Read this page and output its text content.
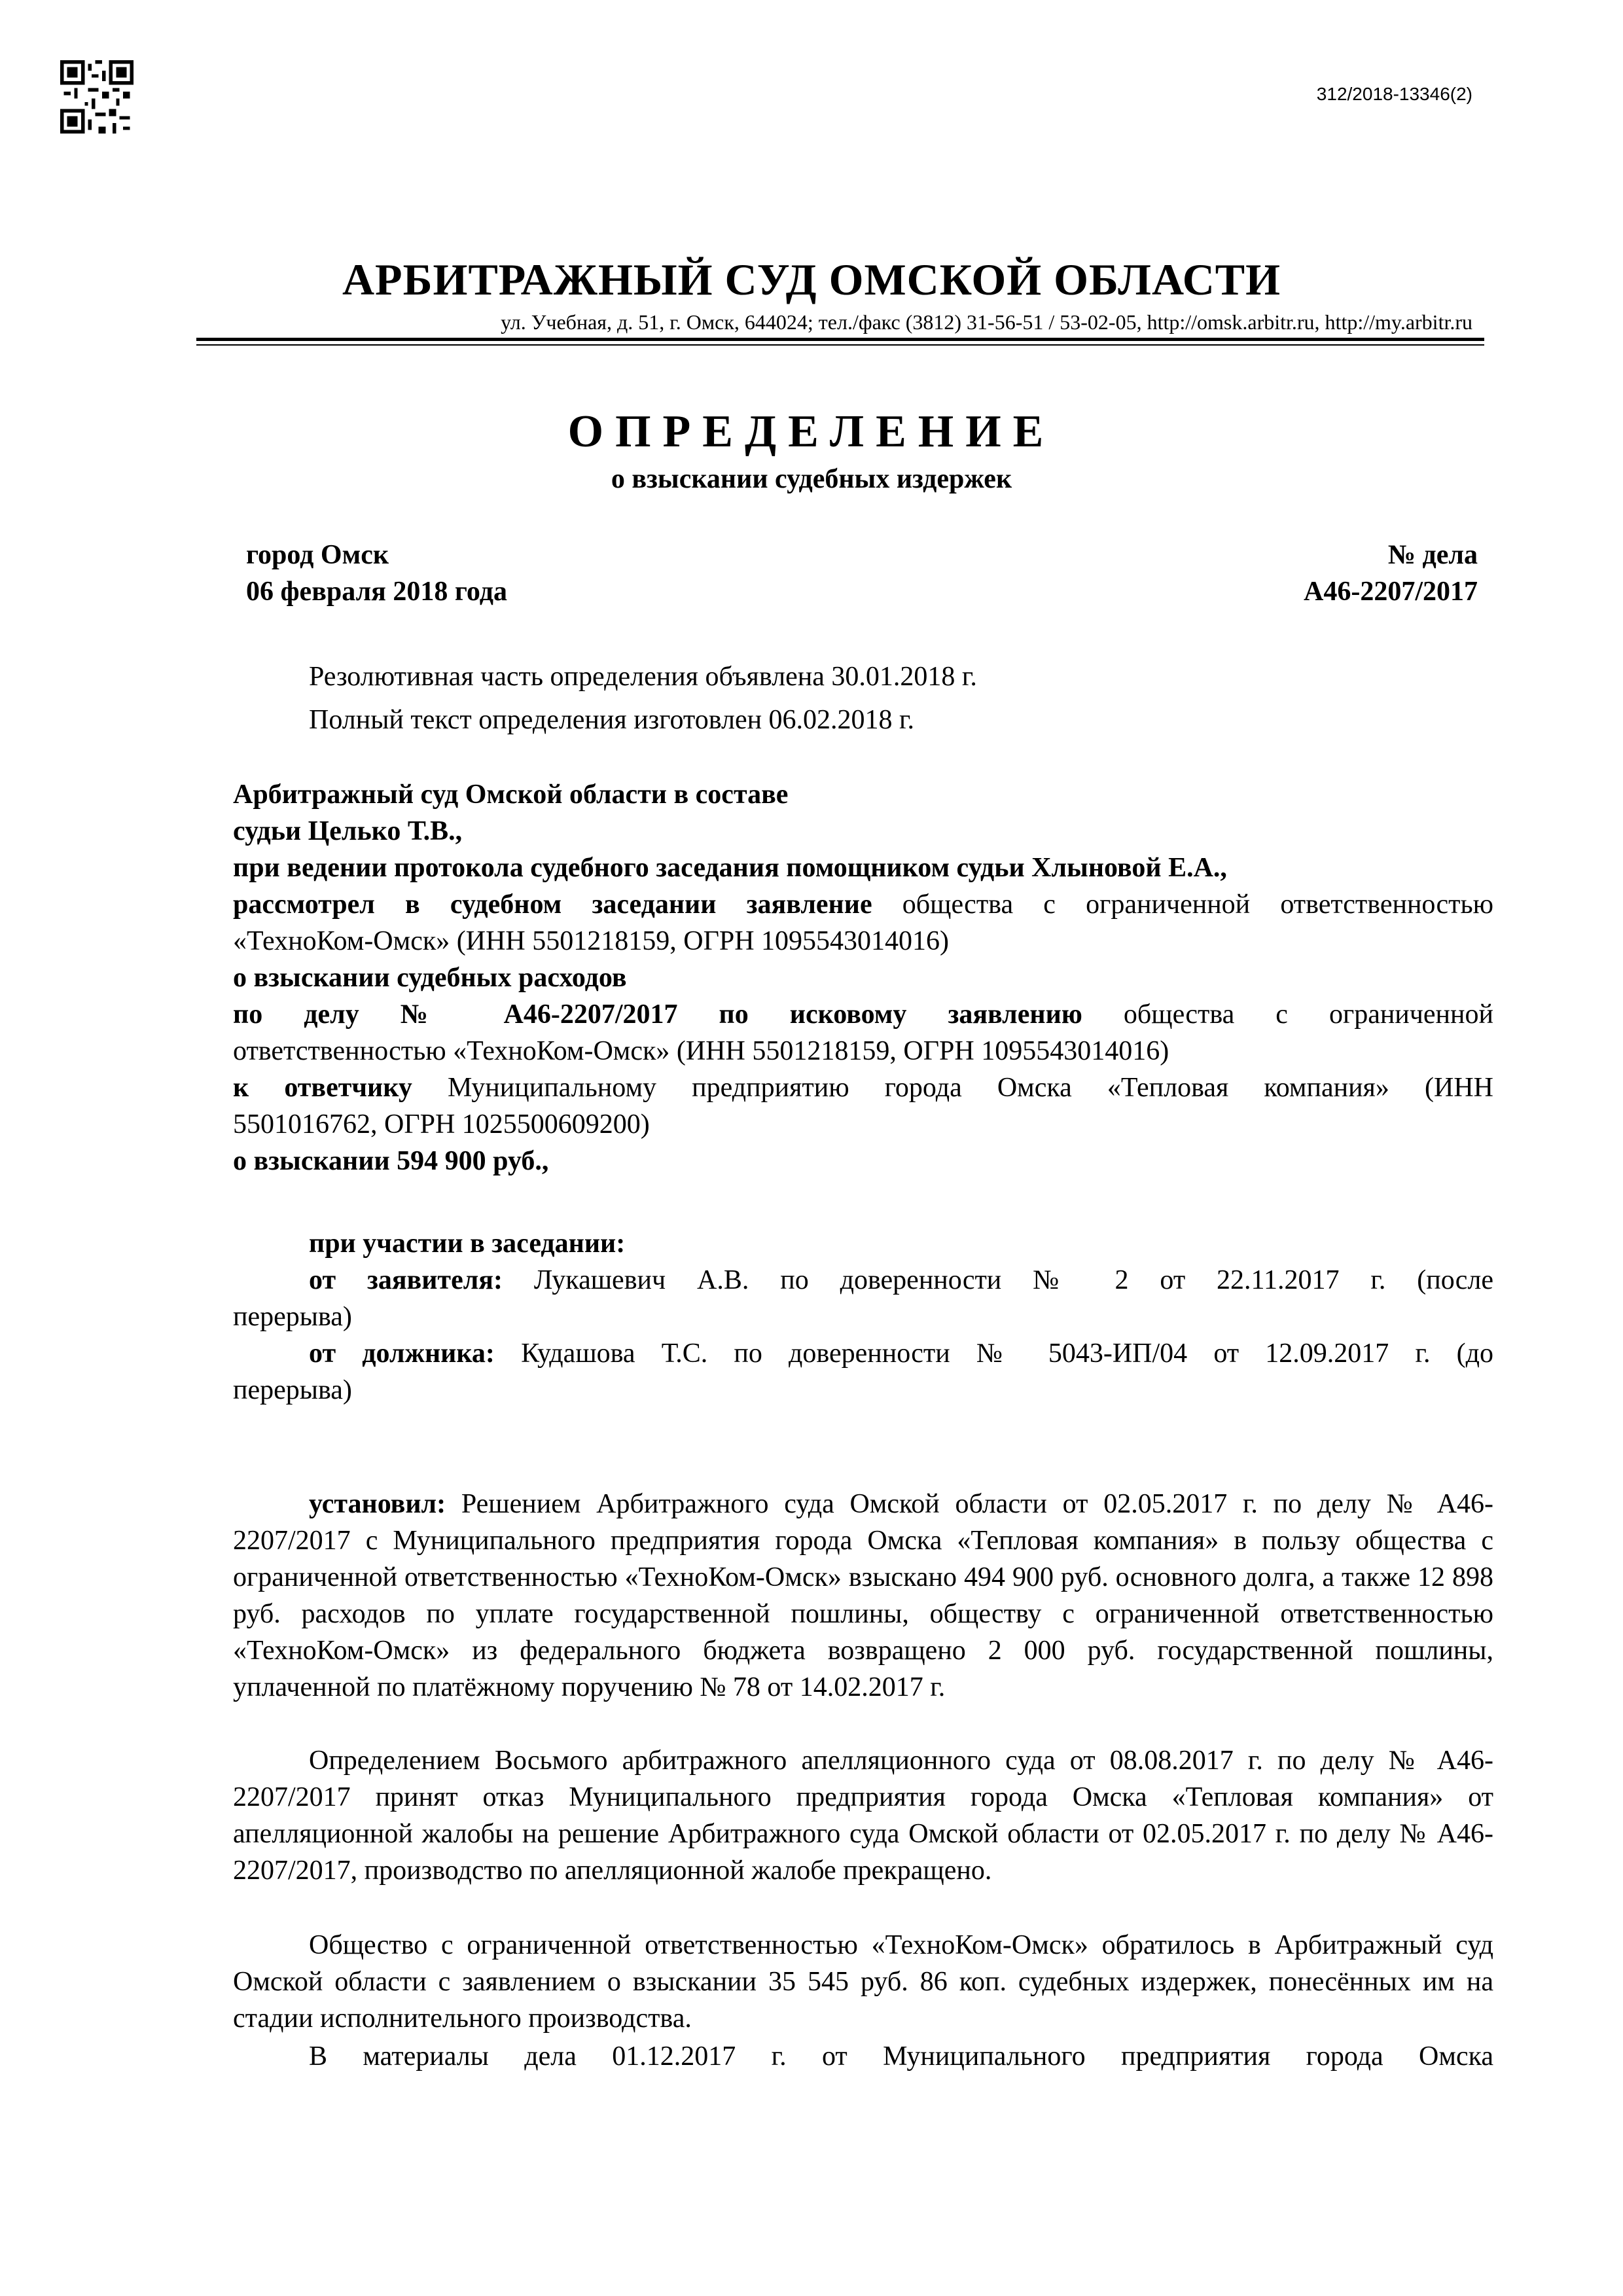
312/2018-13346(2)
АРБИТРАЖНЫЙ СУД ОМСКОЙ ОБЛАСТИ
ул. Учебная, д. 51, г. Омск, 644024; тел./факс (3812) 31-56-51 / 53-02-05, http://omsk.arbitr.ru, http://my.arbitr.ru
ОПРЕДЕЛЕНИЕ
о взыскании судебных издержек
город Омск
06 февраля 2018 года
№ дела
А46-2207/2017
Резолютивная часть определения объявлена 30.01.2018 г.
Полный текст определения изготовлен 06.02.2018 г.
Арбитражный суд Омской области в составе
судьи Целько Т.В.,
при ведении протокола судебного заседания помощником судьи Хлыновой Е.А.,
рассмотрел в судебном заседании заявление общества с ограниченной ответственностью
«ТехноКом-Омск» (ИНН 5501218159, ОГРН 1095543014016)
о взыскании судебных расходов
по делу № А46-2207/2017 по исковому заявлению общества с ограниченной
ответственностью «ТехноКом-Омск» (ИНН 5501218159, ОГРН 1095543014016)
к ответчику Муниципальному предприятию города Омска «Тепловая компания» (ИНН
5501016762, ОГРН 1025500609200)
о взыскании 594 900 руб.,
при участии в заседании:
от заявителя: Лукашевич А.В. по доверенности № 2 от 22.11.2017 г. (после
перерыва)
от должника: Кудашова Т.С. по доверенности № 5043-ИП/04 от 12.09.2017 г. (до
перерыва)
установил: Решением Арбитражного суда Омской области от 02.05.2017 г. по делу № А46-2207/2017 с Муниципального предприятия города Омска «Тепловая компания» в пользу общества с ограниченной ответственностью «ТехноКом-Омск» взыскано 494 900 руб. основного долга, а также 12 898 руб. расходов по уплате государственной пошлины, обществу с ограниченной ответственностью «ТехноКом-Омск» из федерального бюджета возвращено 2 000 руб. государственной пошлины, уплаченной по платёжному поручению № 78 от 14.02.2017 г.
Определением Восьмого арбитражного апелляционного суда от 08.08.2017 г. по делу № А46-2207/2017 принят отказ Муниципального предприятия города Омска «Тепловая компания» от апелляционной жалобы на решение Арбитражного суда Омской области от 02.05.2017 г. по делу № А46-2207/2017, производство по апелляционной жалобе прекращено.
Общество с ограниченной ответственностью «ТехноКом-Омск» обратилось в Арбитражный суд Омской области с заявлением о взыскании 35 545 руб. 86 коп. судебных издержек, понесённых им на стадии исполнительного производства.
В материалы дела 01.12.2017 г. от Муниципального предприятия города Омска
